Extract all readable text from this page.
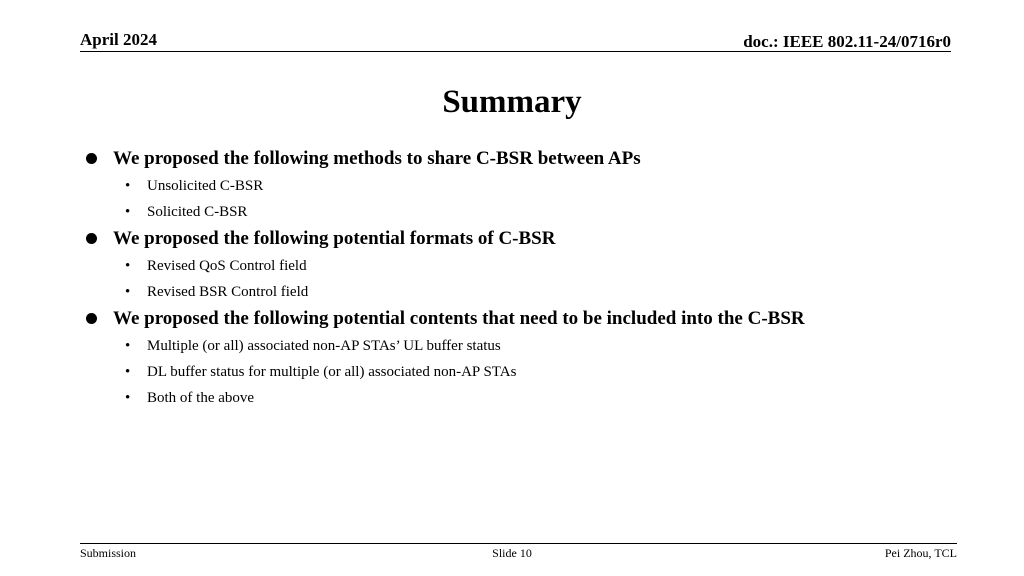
April 2024	doc.: IEEE 802.11-24/0716r0
Summary
We proposed the following methods to share C-BSR between APs
• Unsolicited C-BSR
• Solicited C-BSR
We proposed the following potential formats of C-BSR
• Revised QoS Control field
• Revised BSR Control field
We proposed the following potential contents that need to be included into the C-BSR
• Multiple (or all) associated non-AP STAs’ UL buffer status
• DL buffer status for multiple (or all) associated non-AP STAs
• Both of the above
Submission	Slide 10	Pei Zhou, TCL
